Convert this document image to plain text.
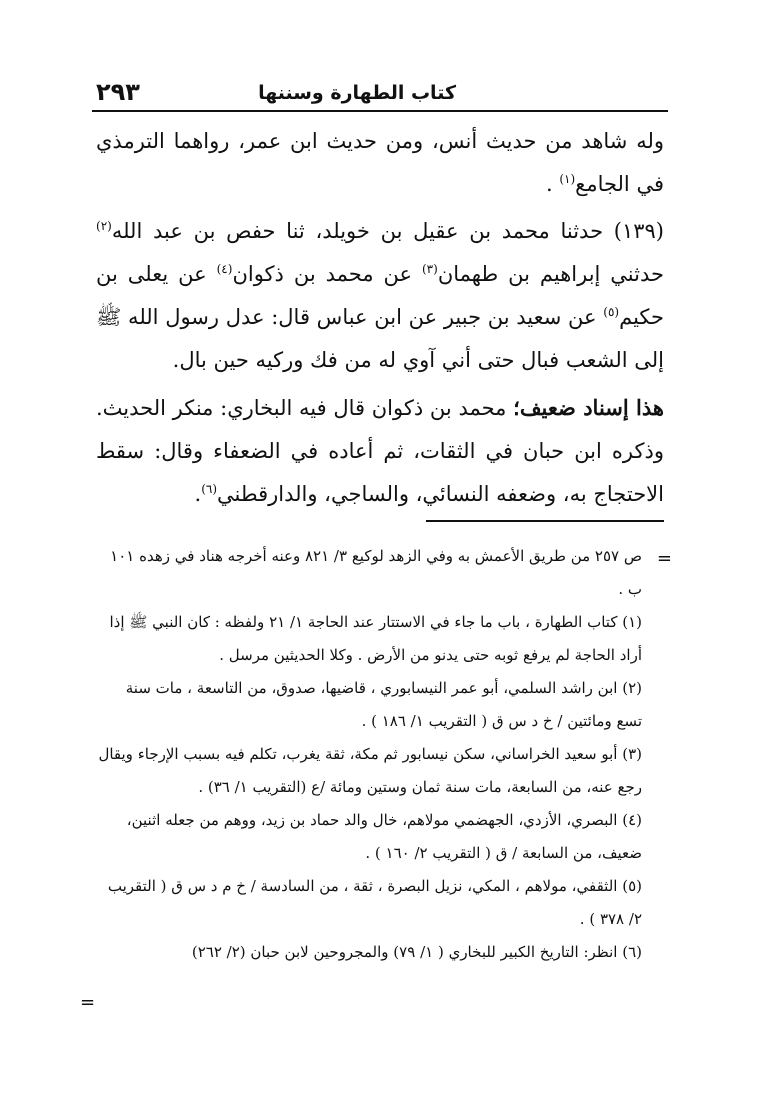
كتاب الطهارة وسننها
٢٩٣

وله شاهد من حديث أنس، ومن حديث ابن عمر، رواهما الترمذي في الجامع$^{(١)}$ .

(١٣٩) حدثنا محمد بن عقيل بن خويلد، ثنا حفص بن عبد الله$^{(٢)}$ حدثني إبراهيم بن طهمان$^{(٣)}$ عن محمد بن ذكوان$^{(٤)}$ عن يعلى بن حكيم$^{(٥)}$ عن سعيد بن جبير عن ابن عباس قال: عدل رسول الله ﷺ إلى الشعب فبال حتى أني آوي له من فك وركيه حين بال.

هذا إسناد ضعيف؛ محمد بن ذكوان قال فيه البخاري: منكر الحديث. وذكره ابن حبان في الثقات، ثم أعاده في الضعفاء وقال: سقط الاحتجاج به، وضعفه النسائي، والساجي، والدارقطني$^{(٦)}$.

=

ص ٢٥٧ من طريق الأعمش به وفي الزهد لوكيع ٣/ ٨٢١ وعنه أخرجه هناد في زهده ١٠١ ب .

(١) كتاب الطهارة ، باب ما جاء في الاستتار عند الحاجة ١/ ٢١ ولفظه : كان النبي ﷺ إذا أراد الحاجة لم يرفع ثوبه حتى يدنو من الأرض . وكلا الحديثين مرسل .

(٢) ابن راشد السلمي، أبو عمر النيسابوري ، قاضيها، صدوق، من التاسعة ، مات سنة تسع ومائتين / خ د س ق ( التقريب ١/ ١٨٦ ) .

(٣) أبو سعيد الخراساني، سكن نيسابور ثم مكة، ثقة يغرب، تكلم فيه بسبب الإرجاء ويقال رجع عنه، من السابعة، مات سنة ثمان وستين ومائة /ع (التقريب ١/ ٣٦) .

(٤) البصري، الأزدي، الجهضمي مولاهم، خال والد حماد بن زيد، ووهم من جعله اثنين، ضعيف، من السابعة / ق ( التقريب ٢/ ١٦٠ ) .

(٥) الثقفي، مولاهم ، المكي، نزيل البصرة ، ثقة ، من السادسة / خ م د س ق ( التقريب ٢/ ٣٧٨ ) .

(٦) انظر: التاريخ الكبير للبخاري ( ١/ ٧٩) والمجروحين لابن حبان (٢/ ٢٦٢)

=
